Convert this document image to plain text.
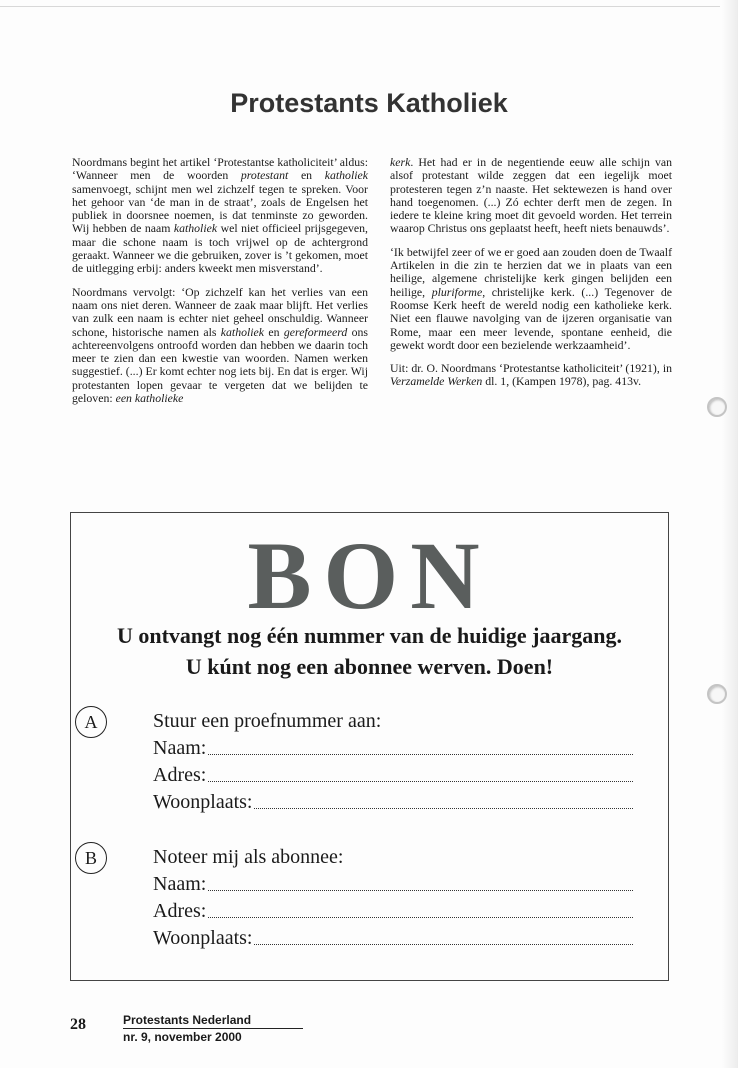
Protestants Katholiek

Noordmans begint het artikel ‘Protestantse katholiciteit’ aldus: ‘Wanneer men de woorden protestant en katholiek samenvoegt, schijnt men wel zichzelf tegen te spreken. Voor het gehoor van ‘de man in de straat’, zoals de Engelsen het publiek in doorsnee noemen, is dat tenminste zo geworden. Wij hebben de naam katholiek wel niet officieel prijsgegeven, maar die schone naam is toch vrijwel op de achtergrond geraakt. Wanneer we die gebruiken, zover is ’t gekomen, moet de uitlegging erbij: anders kweekt men misverstand’.

Noordmans vervolgt: ‘Op zichzelf kan het verlies van een naam ons niet deren. Wanneer de zaak maar blijft. Het verlies van zulk een naam is echter niet geheel onschuldig. Wanneer schone, historische namen als katholiek en gereformeerd ons achtereenvolgens ontroofd worden dan hebben we daarin toch meer te zien dan een kwestie van woorden. Namen werken suggestief. (...) Er komt echter nog iets bij. En dat is erger. Wij protestanten lopen gevaar te vergeten dat we belijden te geloven: een katholieke

kerk. Het had er in de negentiende eeuw alle schijn van alsof protestant wilde zeggen dat een iegelijk moet protesteren tegen z’n naaste. Het sektewezen is hand over hand toegenomen. (...) Zó echter derft men de zegen. In iedere te kleine kring moet dit gevoeld worden. Het terrein waarop Christus ons geplaatst heeft, heeft niets benauwds’.

‘Ik betwijfel zeer of we er goed aan zouden doen de Twaalf Artikelen in die zin te herzien dat we in plaats van een heilige, algemene christelijke kerk gingen belijden een heilige, pluriforme, christelijke kerk. (...) Tegenover de Roomse Kerk heeft de wereld nodig een katholieke kerk. Niet een flauwe navolging van de ijzeren organisatie van Rome, maar een meer levende, spontane eenheid, die gewekt wordt door een bezielende werkzaamheid’.

Uit: dr. O. Noordmans ‘Protestantse katholiciteit’ (1921), in Verzamelde Werken dl. 1, (Kampen 1978), pag. 413v.

BON
U ontvangt nog één nummer van de huidige jaargang.
U kúnt nog een abonnee werven. Doen!
A	Stuur een proefnummer aan:
Naam:
Adres:
Woonplaats:
B	Noteer mij als abonnee:
Naam:
Adres:
Woonplaats:
28	Protestants Nederland
nr. 9, november 2000
